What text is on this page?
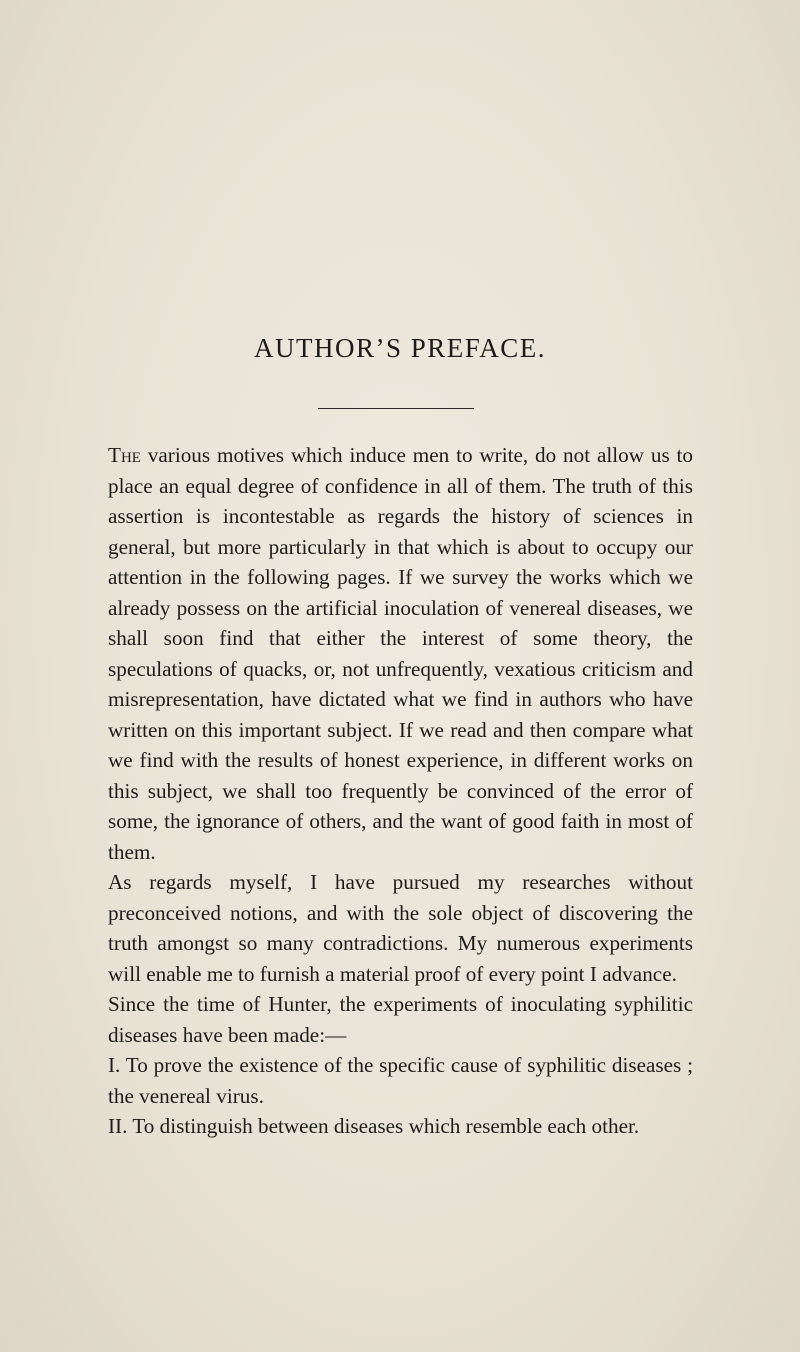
AUTHOR’S PREFACE.

The various motives which induce men to write, do not allow us to place an equal degree of confidence in all of them. The truth of this assertion is incontestable as regards the history of sciences in general, but more particularly in that which is about to occupy our attention in the following pages. If we survey the works which we already possess on the artificial inoculation of venereal diseases, we shall soon find that either the interest of some theory, the speculations of quacks, or, not unfrequently, vexatious criticism and misrepresentation, have dictated what we find in authors who have written on this important subject. If we read and then compare what we find with the results of honest experience, in different works on this subject, we shall too frequently be convinced of the error of some, the ignorance of others, and the want of good faith in most of them.

As regards myself, I have pursued my researches without preconceived notions, and with the sole object of discovering the truth amongst so many contradictions. My numerous experiments will enable me to furnish a material proof of every point I advance.

Since the time of Hunter, the experiments of inoculating syphilitic diseases have been made:—

I. To prove the existence of the specific cause of syphilitic diseases ; the venereal virus.

II. To distinguish between diseases which resemble each other.
